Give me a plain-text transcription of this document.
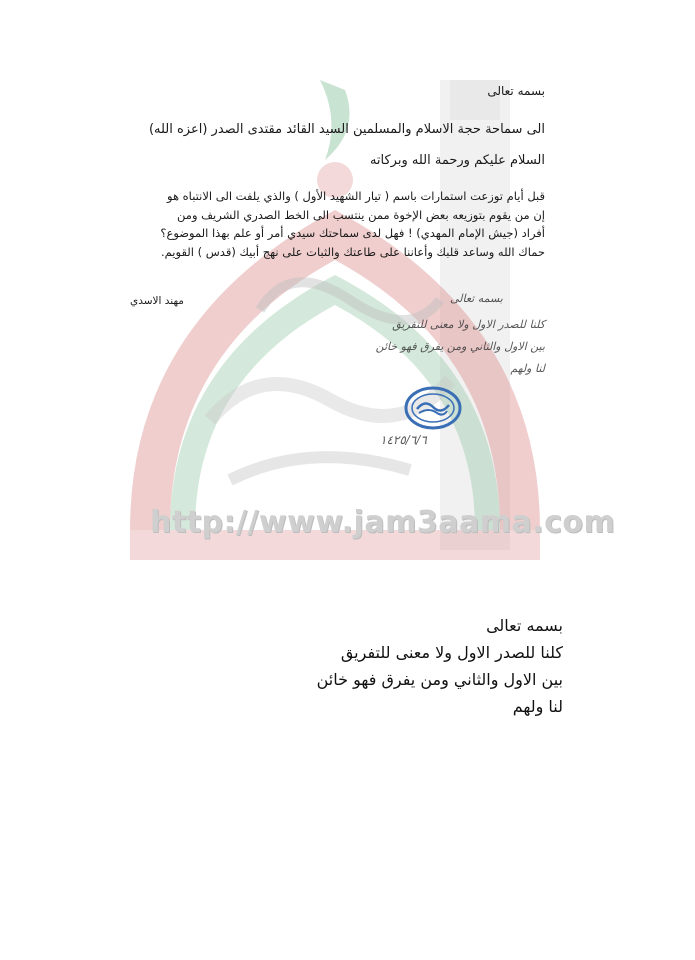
http://www.jam3aama.com
بسمه تعالى
الى سماحة حجة الاسلام والمسلمين السيد القائد مقتدى الصدر (اعزه الله)
السلام عليكم ورحمة الله وبركاته

قبل أيام توزعت استمارات باسم ( تيار الشهيد الأول ) والذي يلفت الى الانتباه هو

إن من يقوم بتوزيعه بعض الإخوة ممن ينتسب الى الخط الصدري الشريف ومن

أفراد (جيش الإمام المهدي) ! فهل لدى سماحتك سيدي أمر أو علم بهذا الموضوع؟

حماك الله وساعد قلبك وأعاننا على طاعتك والثبات على نهج أبيك (قدس ) القويم.

مهند الاسدي	بسمه تعالى
كلنا للصدر الاول ولا معنى للتفريق
بين الاول والثاني ومن يفرق فهو خائن
لنا ولهم
١٤٢٥/٦/٦
بسمه تعالى
كلنا للصدر الاول ولا معنى للتفريق
بين الاول والثاني ومن يفرق فهو خائن
لنا ولهم
